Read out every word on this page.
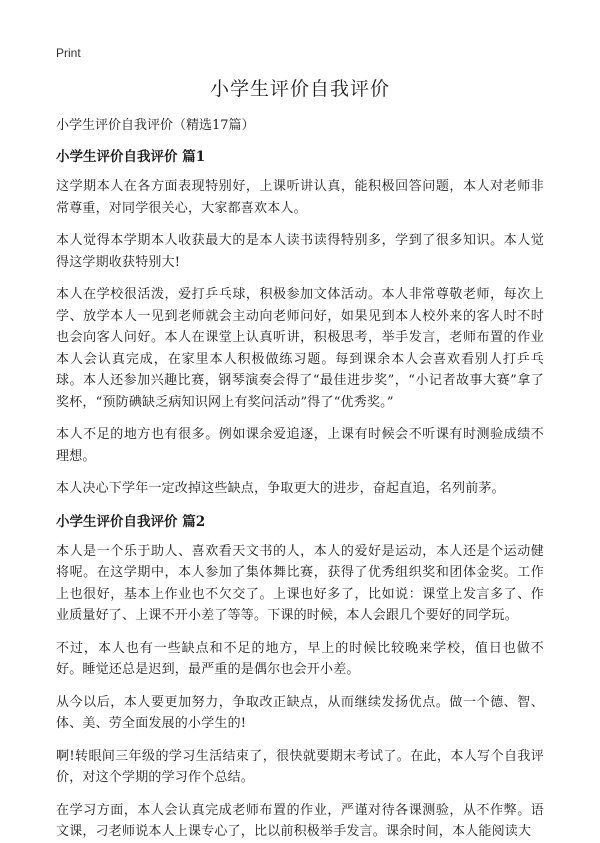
Print
小学生评价自我评价
小学生评价自我评价（精选17篇）
小学生评价自我评价 篇1

这学期本人在各方面表现特别好，上课听讲认真，能积极回答问题，本人对老师非常尊重，对同学很关心，大家都喜欢本人。

本人觉得本学期本人收获最大的是本人读书读得特别多，学到了很多知识。本人觉得这学期收获特别大!

本人在学校很活泼，爱打乒乓球，积极参加文体活动。本人非常尊敬老师，每次上学、放学本人一见到老师就会主动向老师问好，如果见到本人校外来的客人时不时也会向客人问好。本人在课堂上认真听讲，积极思考，举手发言，老师布置的作业本人会认真完成，在家里本人积极做练习题。每到课余本人会喜欢看别人打乒乓球。本人还参加兴趣比赛，钢琴演奏会得了“最佳进步奖”，“小记者故事大赛”拿了奖杯，“预防碘缺乏病知识网上有奖问活动”得了“优秀奖。”

本人不足的地方也有很多。例如课余爱追逐，上课有时候会不听课有时测验成绩不理想。

本人决心下学年一定改掉这些缺点，争取更大的进步，奋起直追，名列前茅。

小学生评价自我评价 篇2

本人是一个乐于助人、喜欢看天文书的人，本人的爱好是运动，本人还是个运动健将呢。在这学期中，本人参加了集体舞比赛，获得了优秀组织奖和团体金奖。工作上也很好，基本上作业也不欠交了。上课也好多了，比如说：课堂上发言多了、作业质量好了、上课不开小差了等等。下课的时候，本人会跟几个要好的同学玩。

不过，本人也有一些缺点和不足的地方，早上的时候比较晚来学校，值日也做不好。睡觉还总是迟到，最严重的是偶尔也会开小差。

从今以后，本人要更加努力，争取改正缺点，从而继续发扬优点。做一个德、智、体、美、劳全面发展的小学生的!

啊!转眼间三年级的学习生活结束了，很快就要期末考试了。在此，本人写个自我评价，对这个学期的学习作个总结。

在学习方面，本人会认真完成老师布置的作业，严谨对待各课测验，从不作弊。语文课，刁老师说本人上课专心了，比以前积极举手发言。课余时间，本人能阅读大
